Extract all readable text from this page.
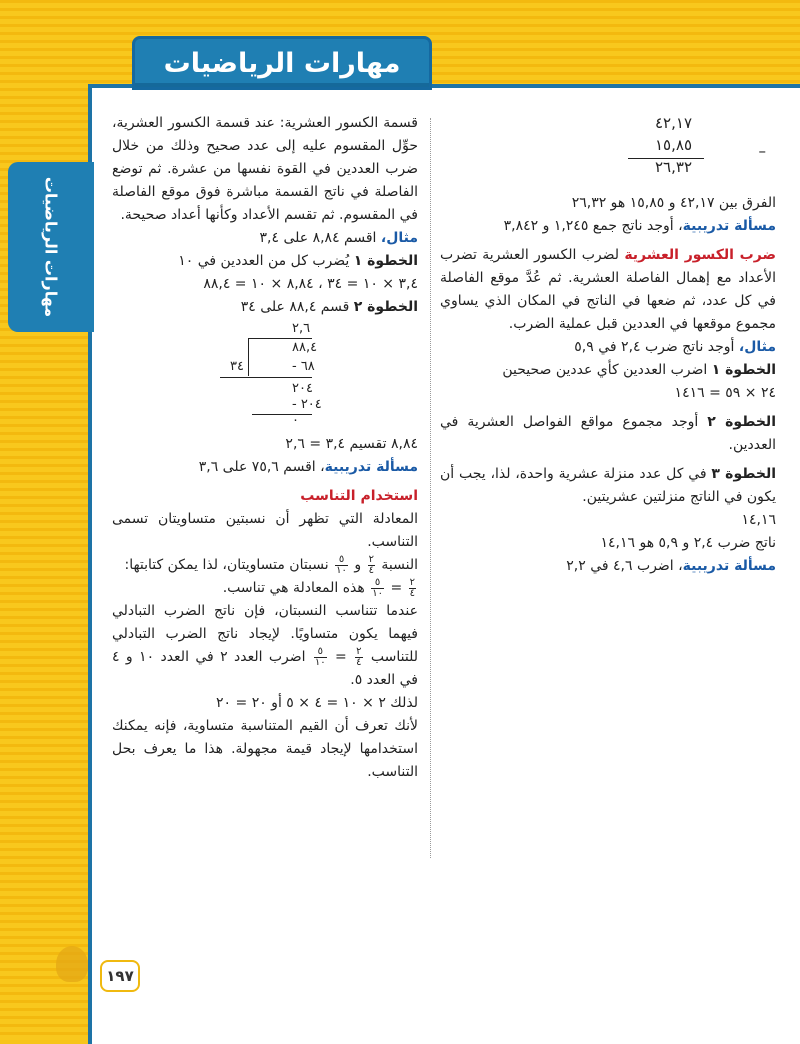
مهارات الرياضيات
مهارات الرياضيات
٤٢,١٧
١٥,٨٥
٢٦,٣٢
–

الفرق بين ٤٢,١٧ و ١٥,٨٥ هو ٢٦,٣٢

مسألة تدريبية، أوجد ناتج جمع ١,٢٤٥ و ٣,٨٤٢

ضرب الكسور العشرية لضرب الكسور العشرية تضرب الأعداد مع إهمال الفاصلة العشرية. ثم عُدَّ موقع الفاصلة في كل عدد، ثم ضعها في الناتج في المكان الذي يساوي مجموع موقعها في العددين قبل عملية الضرب.

مثال، أوجد ناتج ضرب ٢,٤ في ٥,٩

الخطوة ١ اضرب العددين كأي عددين صحيحين

٢٤ × ٥٩ = ١٤١٦

الخطوة ٢ أوجد مجموع مواقع الفواصل العشرية في العددين.

الخطوة ٣ في كل عدد منزلة عشرية واحدة، لذا، يجب أن يكون في الناتج منزلتين عشريتين.

١٤,١٦

ناتج ضرب ٢,٤ و ٥,٩ هو ١٤,١٦

مسألة تدريبية، اضرب ٤,٦ في ٢,٢

قسمة الكسور العشرية: عند قسمة الكسور العشرية، حوِّل المقسوم عليه إلى عدد صحيح وذلك من خلال ضرب العددين في القوة نفسها من عشرة. ثم توضع الفاصلة في ناتج القسمة مباشرة فوق موقع الفاصلة في المقسوم. ثم تقسم الأعداد وكأنها أعداد صحيحة.

مثال، اقسم ٨,٨٤ على ٣,٤

الخطوة ١ يُضرب كل من العددين في ١٠

٣,٤ × ١٠ = ٣٤ ، ٨,٨٤ × ١٠ = ٨٨,٤

الخطوة ٢ قسم ٨٨,٤ على ٣٤

٢,٦
٨٨,٤
٣٤	- ٦٨
٢٠٤
- ٢٠٤
٠

٨,٨٤ تقسيم ٣,٤ = ٢,٦

مسألة تدريبية، اقسم ٧٥,٦ على ٣,٦

استخدام التناسب

المعادلة التي تظهر أن نسبتين متساويتان تسمى التناسب.

النسبة
$\frac{٢}{٤}$
و
$\frac{٥}{١٠}$
نسبتان متساويتان، لذا يمكن كتابتها:

$\frac{٢}{٤}$
=
$\frac{٥}{١٠}$
هذه المعادلة هي تناسب.

عندما تتناسب النسبتان، فإن ناتج الضرب التبادلي فيهما يكون متساويًا. لإيجاد ناتج الضرب التبادلي للتناسب
$\frac{٢}{٤}$
=
$\frac{٥}{١٠}$
اضرب العدد ٢ في العدد ١٠ و ٤ في العدد ٥.

لذلك ٢ × ١٠ = ٤ × ٥ أو ٢٠ = ٢٠

لأنك تعرف أن القيم المتناسبة متساوية، فإنه يمكنك استخدامها لإيجاد قيمة مجهولة. هذا ما يعرف بحل التناسب.

١٩٧
